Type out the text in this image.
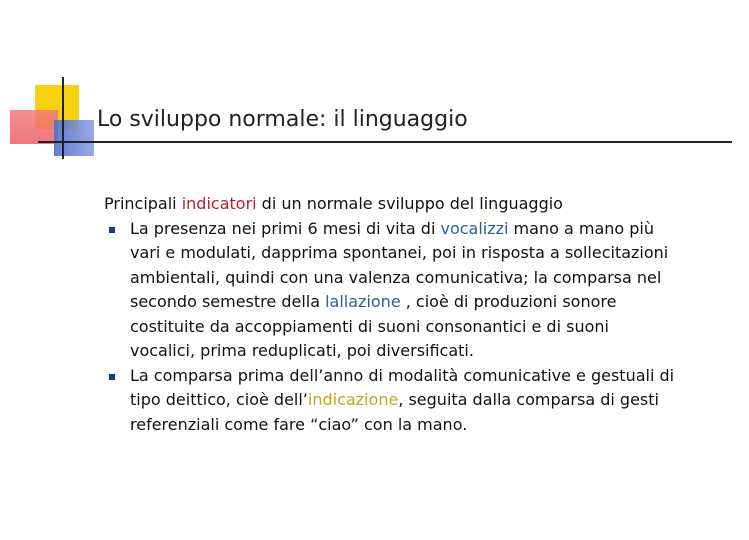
Lo sviluppo normale: il linguaggio
Principali indicatori di un normale sviluppo del linguaggio
La presenza nei primi 6 mesi di vita di vocalizzi mano a mano più
vari e modulati, dapprima spontanei, poi in risposta a sollecitazioni
ambientali, quindi con una valenza comunicativa; la comparsa nel
secondo semestre della lallazione , cioè di produzioni sonore
costituite da accoppiamenti di suoni consonantici e di suoni
vocalici, prima reduplicati, poi diversificati.
La comparsa prima dell’anno di modalità comunicative e gestuali di
tipo deittico, cioè dell’indicazione, seguita dalla comparsa di gesti
referenziali come fare “ciao” con la mano.
